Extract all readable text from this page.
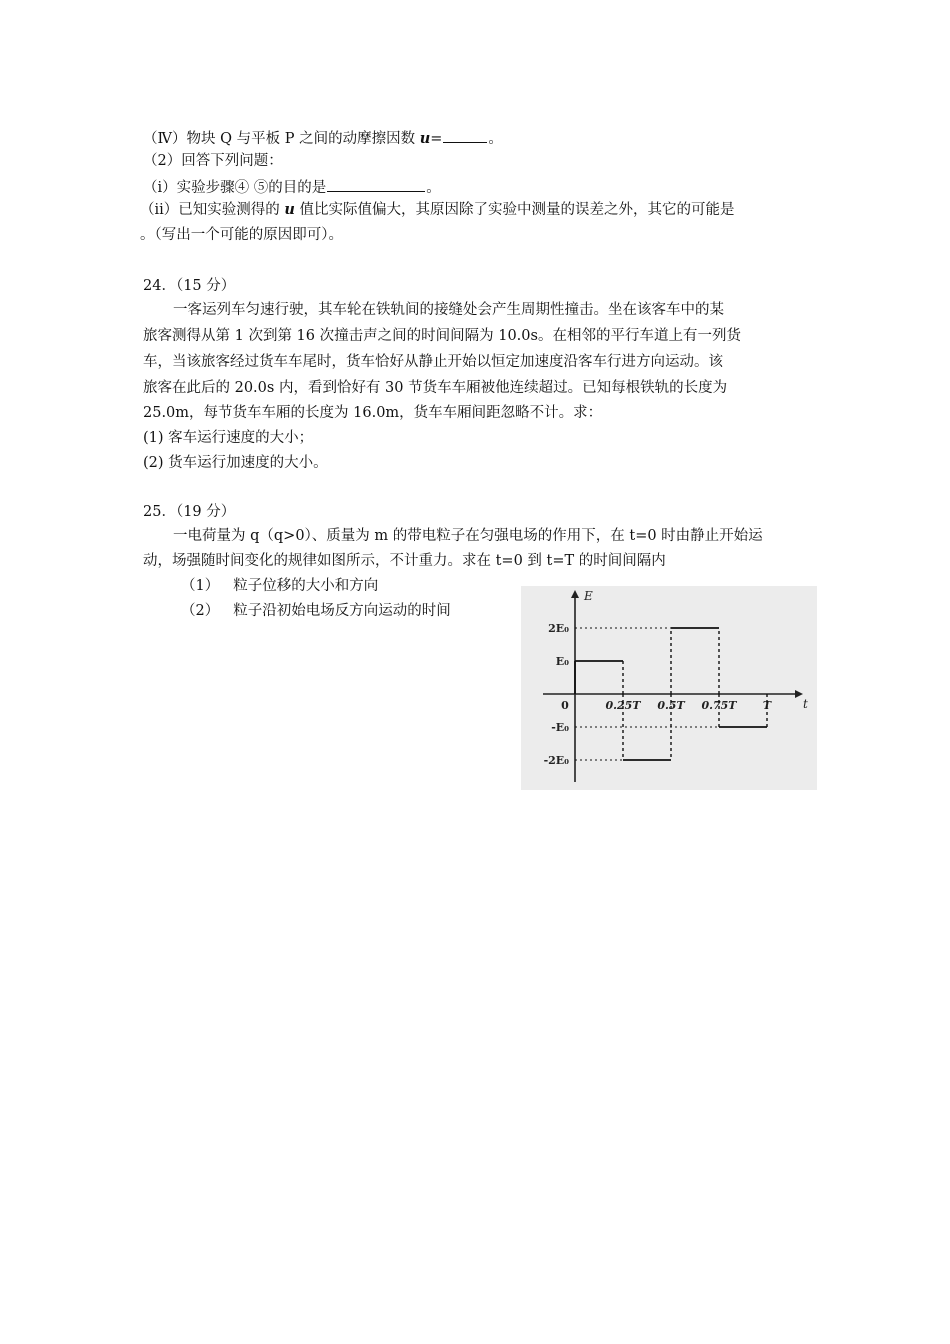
（Ⅳ）物块 Q 与平板 P 之间的动摩擦因数 u=	。
（2）回答下列问题：
（i）实验步骤④ ⑤的目的是	。
（ii）已知实验测得的 u 值比实际值偏大，其原因除了实验中测量的误差之外，其它的可能是
。（写出一个可能的原因即可）。
24．（15 分）
一客运列车匀速行驶，其车轮在铁轨间的接缝处会产生周期性撞击。坐在该客车中的某
旅客测得从第 1 次到第 16 次撞击声之间的时间间隔为 10.0s。在相邻的平行车道上有一列货
车，当该旅客经过货车车尾时，货车恰好从静止开始以恒定加速度沿客车行进方向运动。该
旅客在此后的 20.0s 内，看到恰好有 30 节货车车厢被他连续超过。已知每根铁轨的长度为
25.0m，每节货车车厢的长度为 16.0m，货车车厢间距忽略不计。求：
(1) 客车运行速度的大小；
(2) 货车运行加速度的大小。
25．（19 分）
一电荷量为 q（q>0）、质量为 m 的带电粒子在匀强电场的作用下，在 t=0 时由静止开始运
动，场强随时间变化的规律如图所示，不计重力。求在 t=0 到 t=T 的时间间隔内
（1） 粒子位移的大小和方向
（2） 粒子沿初始电场反方向运动的时间
t
E
2E₀
E₀
-E₀
-2E₀
0	0.25T 0.5T 0.75T T
